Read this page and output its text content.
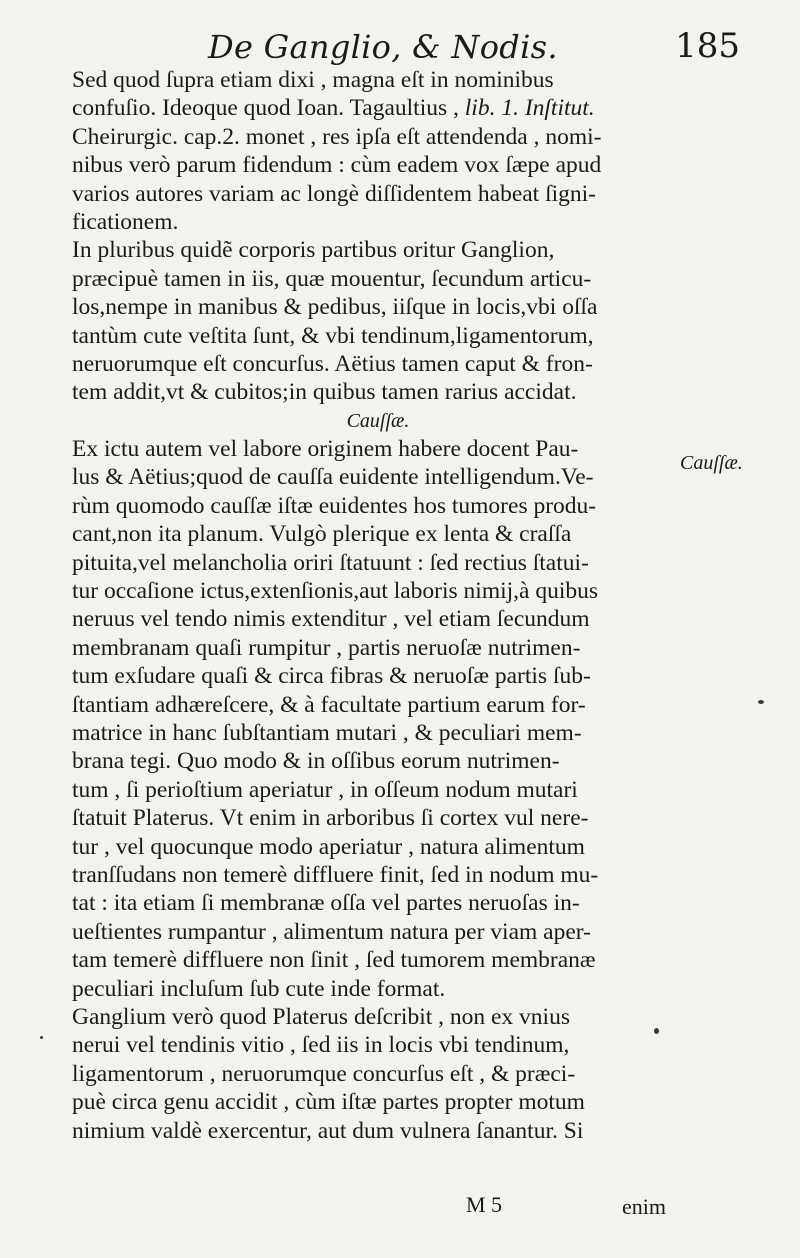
De Ganglio, & Nodis.	185

Sed quod ſupra etiam dixi , magna eſt in nominibus
confuſio. Ideoque quod Ioan. Tagaultius , lib. 1. Inſtitut.
Cheirurgic. cap.2. monet , res ipſa eſt attendenda , nomi-
nibus verò parum fidendum : cùm eadem vox ſæpe apud
varios autores variam ac longè diſſidentem habeat ſigni-
ficationem.

In pluribus quidẽ corporis partibus oritur Ganglion,
præcipuè tamen in iis, quæ mouentur, ſecundum articu-
los,nempe in manibus & pedibus, iiſque in locis,vbi oſſa
tantùm cute veſtita ſunt, & vbi tendinum,ligamentorum,
neruorumque eſt concurſus. Aëtius tamen caput & fron-
tem addit,vt & cubitos;in quibus tamen rarius accidat.

Cauſſæ.

Ex ictu autem vel labore originem habere docent Pau-
lus & Aëtius;quod de cauſſa euidente intelligendum.Ve-
rùm quomodo cauſſæ iſtæ euidentes hos tumores produ-
cant,non ita planum. Vulgò plerique ex lenta & craſſa
pituita,vel melancholia oriri ſtatuunt : ſed rectius ſtatui-
tur occaſione ictus,extenſionis,aut laboris nimij,à quibus
neruus vel tendo nimis extenditur , vel etiam ſecundum
membranam quaſi rumpitur , partis neruoſæ nutrimen-
tum exſudare quaſi & circa fibras & neruoſæ partis ſub-
ſtantiam adhæreſcere, & à facultate partium earum for-
matrice in hanc ſubſtantiam mutari , & peculiari mem-
brana tegi. Quo modo & in oſſibus eorum nutrimen-
tum , ſi perioſtium aperiatur , in oſſeum nodum mutari
ſtatuit Platerus. Vt enim in arboribus ſi cortex vul nere-
tur , vel quocunque modo aperiatur , natura alimentum
tranſſudans non temerè diffluere finit, ſed in nodum mu-
tat : ita etiam ſi membranæ oſſa vel partes neruoſas in-
ueſtientes rumpantur , alimentum natura per viam aper-
tam temerè diffluere non ſinit , ſed tumorem membranæ
peculiari incluſum ſub cute inde format.

Ganglium verò quod Platerus deſcribit , non ex vnius
nerui vel tendinis vitio , ſed iis in locis vbi tendinum,
ligamentorum , neruorumque concurſus eſt , & præci-
puè circa genu accidit , cùm iſtæ partes propter motum
nimium valdè exercentur, aut dum vulnera ſanantur. Si

Cauſſæ.
M 5	enim
